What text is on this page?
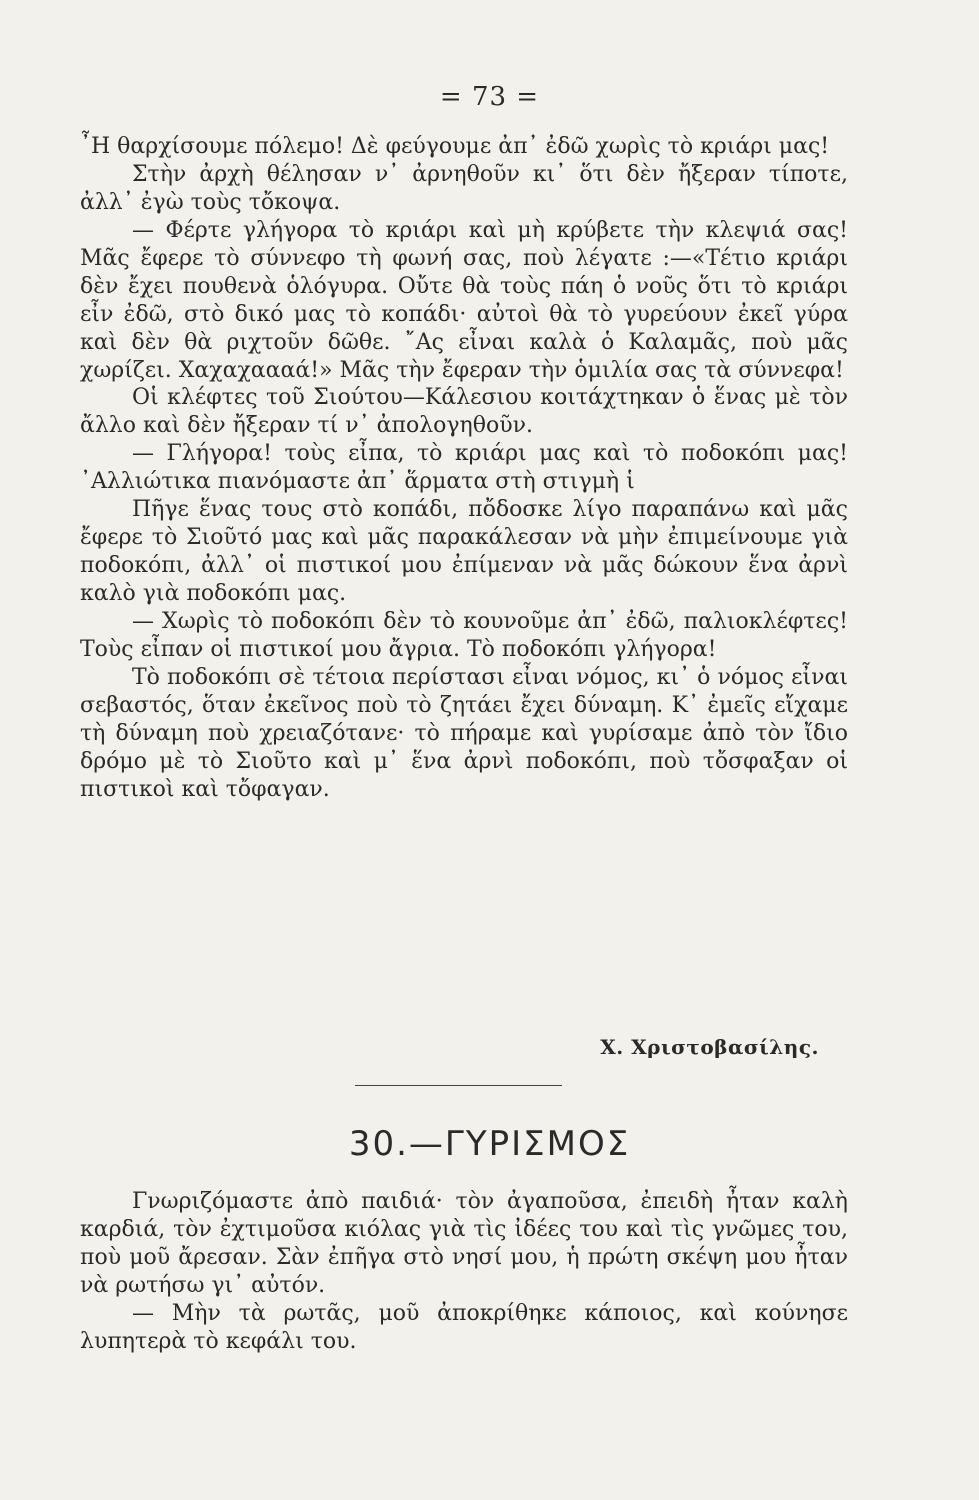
= 73 =

῏Η θαρχίσουμε πόλεμο! Δὲ φεύγουμε ἀπ᾿ ἐδῶ χωρὶς τὸ κριάρι μας!

Στὴν ἀρχὴ θέλησαν ν᾿ ἀρνηθοῦν κι᾿ ὅτι δὲν ἤξεραν τίποτε, ἀλλ᾿ ἐγὼ τοὺς τὄκοψα.

— Φέρτε γλήγορα τὸ κριάρι καὶ μὴ κρύβετε τὴν κλεψιά σας! Μᾶς ἔφερε τὸ σύννεφο τὴ φωνή σας, ποὺ λέγατε :—«Τέτιο κριάρι δὲν ἔχει πουθενὰ ὁλόγυρα. Οὔτε θὰ τοὺς πάη ὁ νοῦς ὅτι τὸ κριάρι εἶν ἐδῶ, στὸ δικό μας τὸ κοπάδι· αὐτοὶ θὰ τὸ γυρεύουν ἐκεῖ γύρα καὶ δὲν θὰ ριχτοῦν δῶθε. ῎Ας εἶναι καλὰ ὁ Καλαμᾶς, ποὺ μᾶς χωρίζει. Χαχαχαααά!» Μᾶς τὴν ἔφεραν τὴν ὁμιλία σας τὰ σύννεφα!

Οἱ κλέφτες τοῦ Σιούτου—Κάλεσιου κοιτάχτηκαν ὁ ἕνας μὲ τὸν ἄλλο καὶ δὲν ἤξεραν τί ν᾿ ἀπολογηθοῦν.

— Γλήγορα! τοὺς εἶπα, τὸ κριάρι μας καὶ τὸ ποδοκόπι μας! ᾿Αλλιώτικα πιανόμαστε ἀπ᾿ ἅρματα στὴ στιγμὴ ἱ

Πῆγε ἕνας τους στὸ κοπάδι, πὄδοσκε λίγο παραπάνω καὶ μᾶς ἔφερε τὸ Σιοῦτό μας καὶ μᾶς παρακάλεσαν νὰ μὴν ἐπιμείνουμε γιὰ ποδοκόπι, ἀλλ᾿ οἱ πιστικοί μου ἐπίμεναν νὰ μᾶς δώκουν ἕνα ἀρνὶ καλὸ γιὰ ποδοκόπι μας.

— Χωρὶς τὸ ποδοκόπι δὲν τὸ κουνοῦμε ἀπ᾿ ἐδῶ, παλιοκλέφτες! Τοὺς εἶπαν οἱ πιστικοί μου ἄγρια. Τὸ ποδοκόπι γλήγορα!

Τὸ ποδοκόπι σὲ τέτοια περίστασι εἶναι νόμος, κι᾿ ὁ νόμος εἶναι σεβαστός, ὅταν ἐκεῖνος ποὺ τὸ ζητάει ἔχει δύναμη. Κ᾿ ἐμεῖς εἴχαμε τὴ δύναμη ποὺ χρειαζότανε· τὸ πήραμε καὶ γυρίσαμε ἀπὸ τὸν ἴδιο δρόμο μὲ τὸ Σιοῦτο καὶ μ᾿ ἕνα ἀρνὶ ποδοκόπι, ποὺ τὄσφαξαν οἱ πιστικοὶ καὶ τὄφαγαν.

Χ. Χριστοβασίλης.
30.—ΓΥΡΙΣΜΟΣ

Γνωριζόμαστε ἀπὸ παιδιά· τὸν ἀγαποῦσα, ἐπειδὴ ἦταν καλὴ καρδιά, τὸν ἐχτιμοῦσα κιόλας γιὰ τὶς ἰδέες του καὶ τὶς γνῶμες του, ποὺ μοῦ ἄρεσαν. Σὰν ἐπῆγα στὸ νησί μου, ἡ πρώτη σκέψη μου ἦταν νὰ ρωτήσω γι᾿ αὐτόν.

— Μὴν τὰ ρωτᾶς, μοῦ ἀποκρίθηκε κάποιος, καὶ κούνησε λυπητερὰ τὸ κεφάλι του.
